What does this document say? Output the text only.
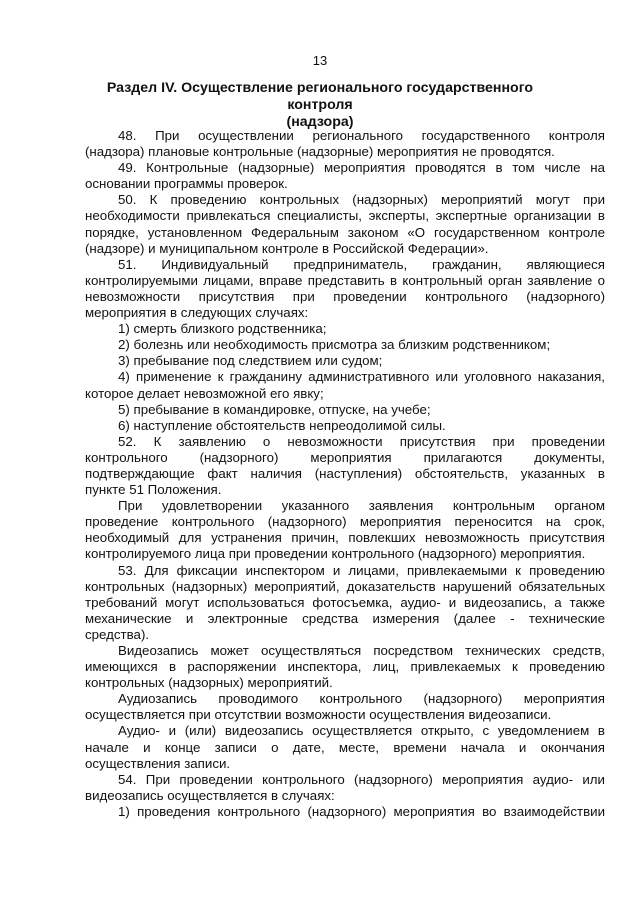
13
Раздел IV. Осуществление регионального государственного контроля
(надзора)
48. При осуществлении регионального государственного контроля
(надзора) плановые контрольные (надзорные) мероприятия не проводятся.
49. Контрольные (надзорные) мероприятия проводятся в том числе на
основании программы проверок.
50. К проведению контрольных (надзорных) мероприятий могут при
необходимости привлекаться специалисты, эксперты, экспертные организации в
порядке, установленном Федеральным законом «О государственном контроле
(надзоре) и муниципальном контроле в Российской Федерации».
51. Индивидуальный предприниматель, гражданин, являющиеся
контролируемыми лицами, вправе представить в контрольный орган заявление о
невозможности присутствия при проведении контрольного (надзорного)
мероприятия в следующих случаях:
1) смерть близкого родственника;
2) болезнь или необходимость присмотра за близким родственником;
3) пребывание под следствием или судом;
4) применение к гражданину административного или уголовного наказания,
которое делает невозможной его явку;
5) пребывание в командировке, отпуске, на учебе;
6) наступление обстоятельств непреодолимой силы.
52. К заявлению о невозможности присутствия при проведении
контрольного (надзорного) мероприятия прилагаются документы,
подтверждающие факт наличия (наступления) обстоятельств, указанных в
пункте 51 Положения.
При удовлетворении указанного заявления контрольным органом
проведение контрольного (надзорного) мероприятия переносится на срок,
необходимый для устранения причин, повлекших невозможность присутствия
контролируемого лица при проведении контрольного (надзорного) мероприятия.
53. Для фиксации инспектором и лицами, привлекаемыми к проведению
контрольных (надзорных) мероприятий, доказательств нарушений обязательных
требований могут использоваться фотосъемка, аудио- и видеозапись, а также
механические и электронные средства измерения (далее - технические
средства).
Видеозапись может осуществляться посредством технических средств,
имеющихся в распоряжении инспектора, лиц, привлекаемых к проведению
контрольных (надзорных) мероприятий.
Аудиозапись проводимого контрольного (надзорного) мероприятия
осуществляется при отсутствии возможности осуществления видеозаписи.
Аудио- и (или) видеозапись осуществляется открыто, с уведомлением в
начале и конце записи о дате, месте, времени начала и окончания
осуществления записи.
54. При проведении контрольного (надзорного) мероприятия аудио- или
видеозапись осуществляется в случаях:
1) проведения контрольного (надзорного) мероприятия во взаимодействии
